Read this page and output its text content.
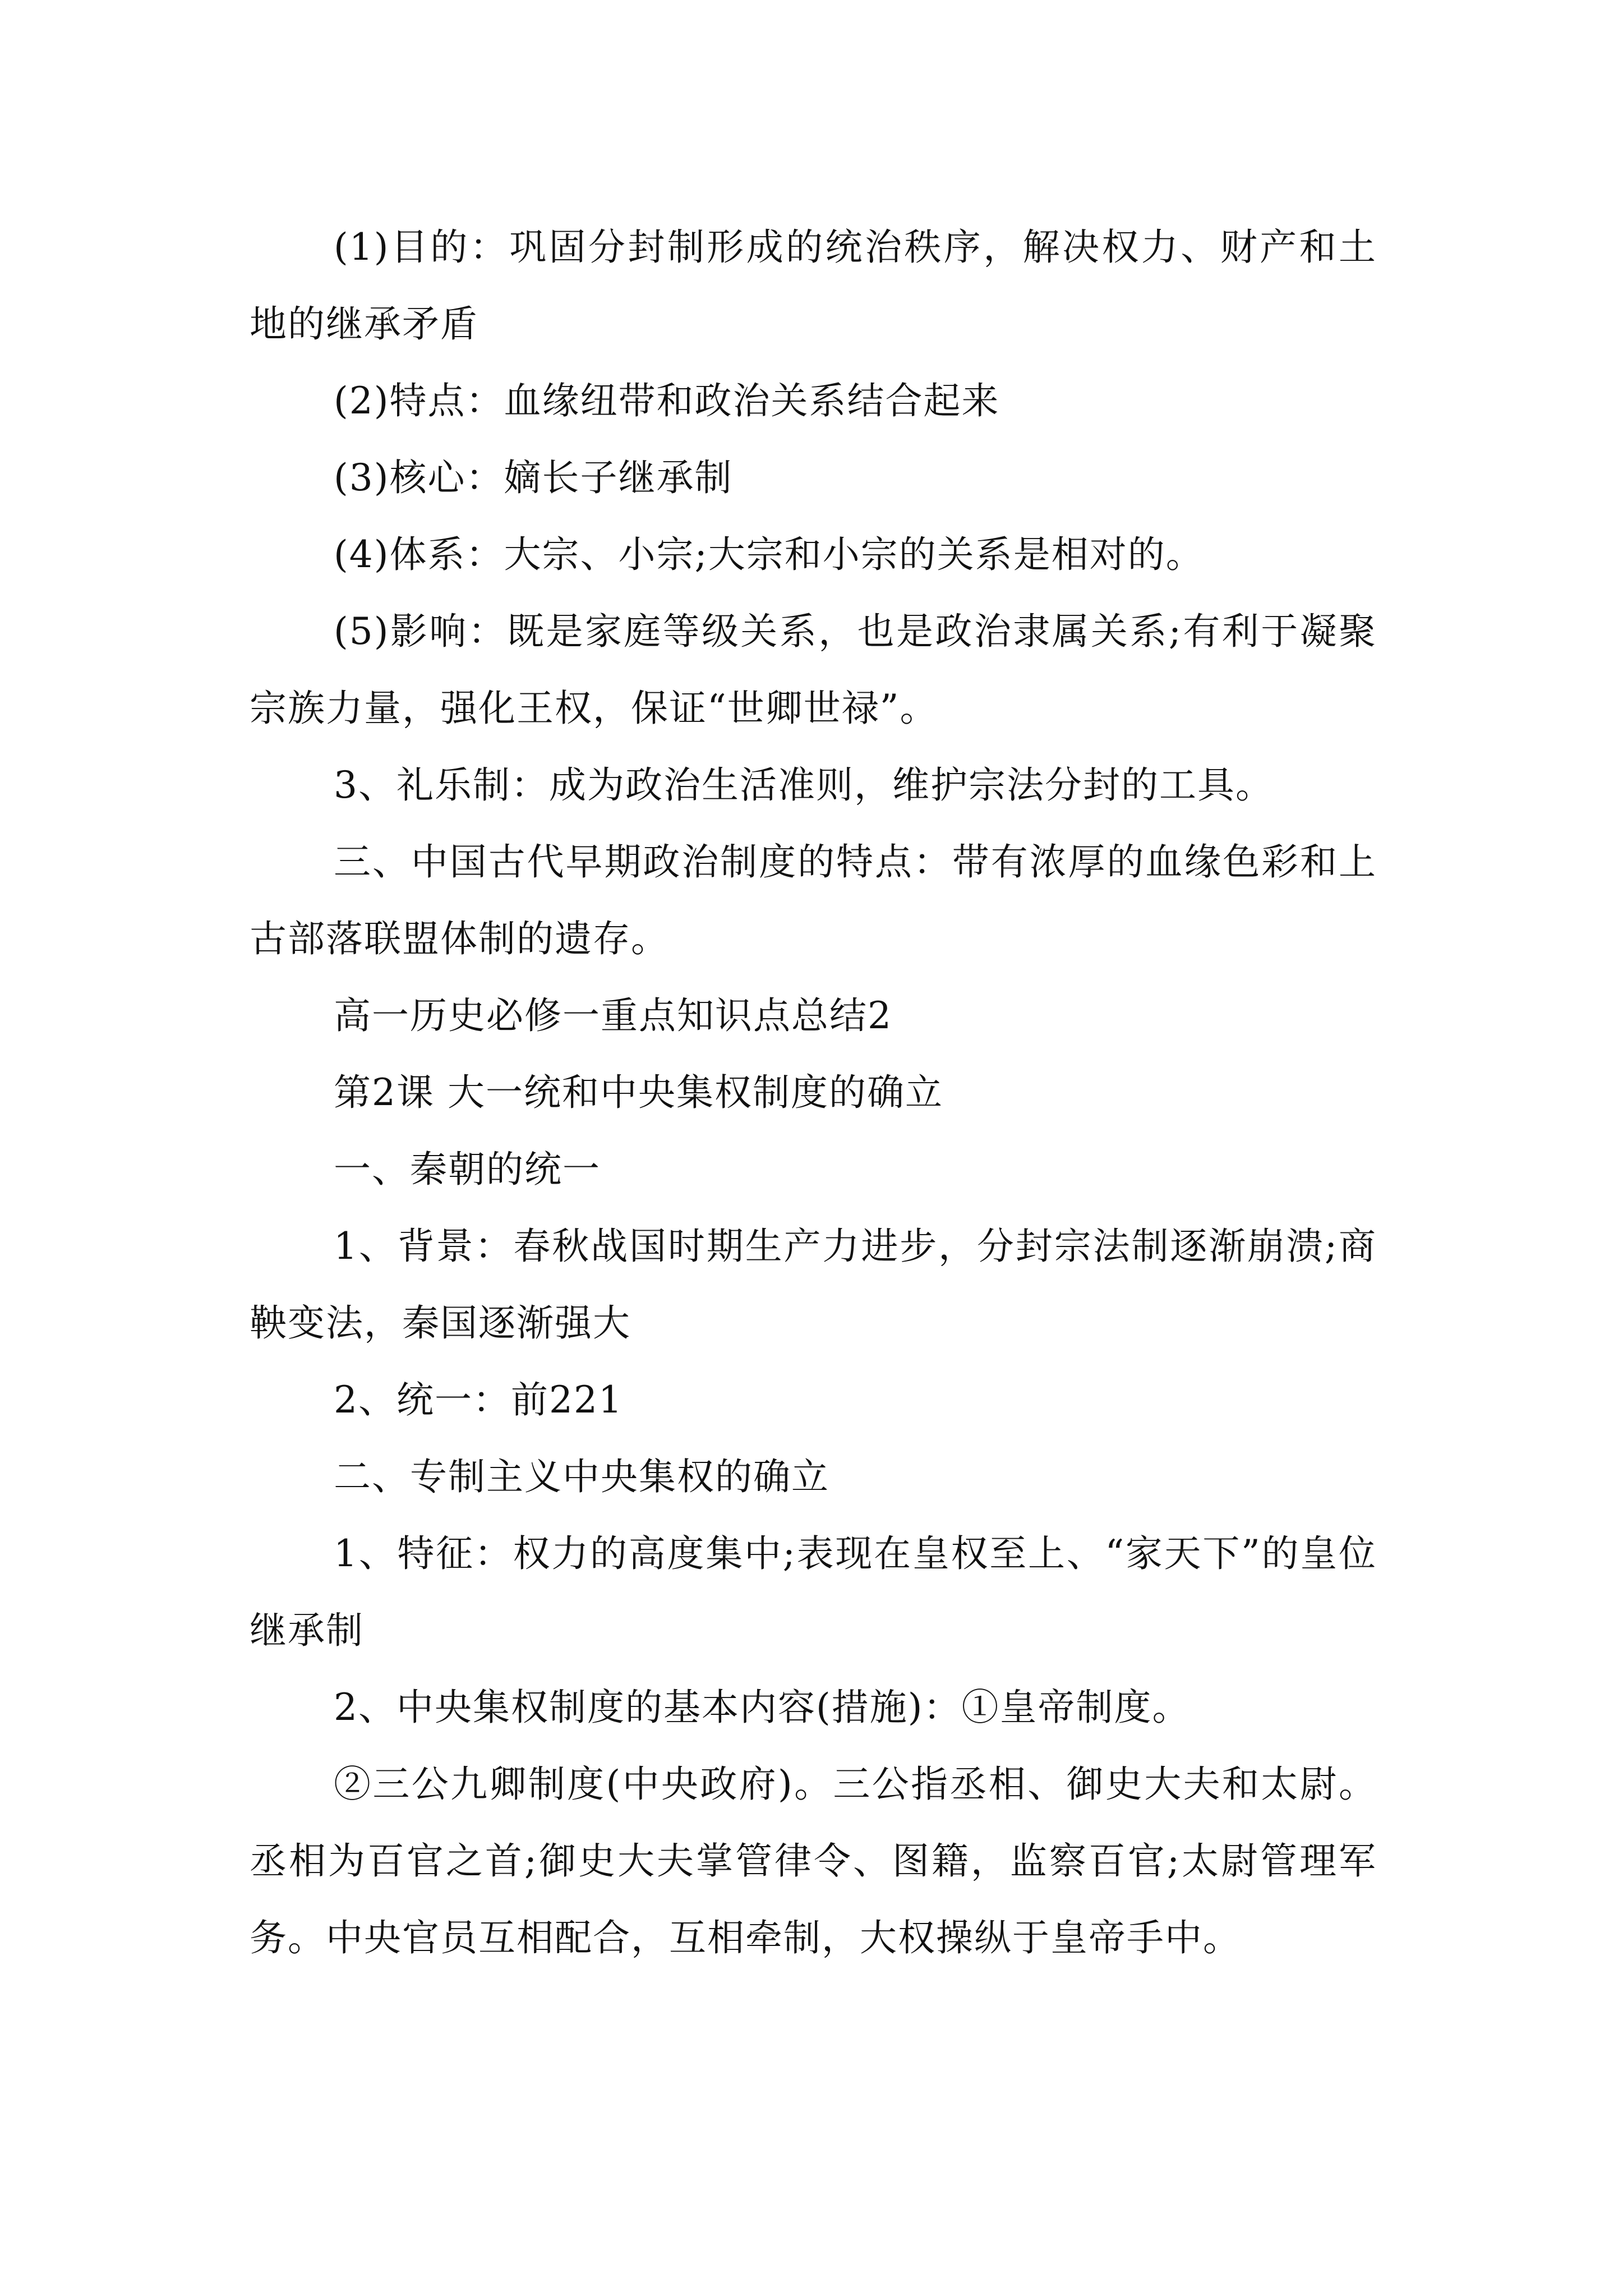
(1)目的：巩固分封制形成的统治秩序，解决权力、财产和土地的继承矛盾

(2)特点：血缘纽带和政治关系结合起来

(3)核心：嫡长子继承制

(4)体系：大宗、小宗;大宗和小宗的关系是相对的。

(5)影响：既是家庭等级关系，也是政治隶属关系;有利于凝聚宗族力量，强化王权，保证“世卿世禄”。

3、礼乐制：成为政治生活准则，维护宗法分封的工具。

三、中国古代早期政治制度的特点：带有浓厚的血缘色彩和上古部落联盟体制的遗存。

高一历史必修一重点知识点总结2

第2课 大一统和中央集权制度的确立

一、秦朝的统一

1、背景：春秋战国时期生产力进步，分封宗法制逐渐崩溃;商鞅变法，秦国逐渐强大

2、统一：前221

二、专制主义中央集权的确立

1、特征：权力的高度集中;表现在皇权至上、“家天下”的皇位继承制

2、中央集权制度的基本内容(措施)：①皇帝制度。

②三公九卿制度(中央政府)。三公指丞相、御史大夫和太尉。丞相为百官之首;御史大夫掌管律令、图籍，监察百官;太尉管理军务。中央官员互相配合，互相牵制，大权操纵于皇帝手中。
